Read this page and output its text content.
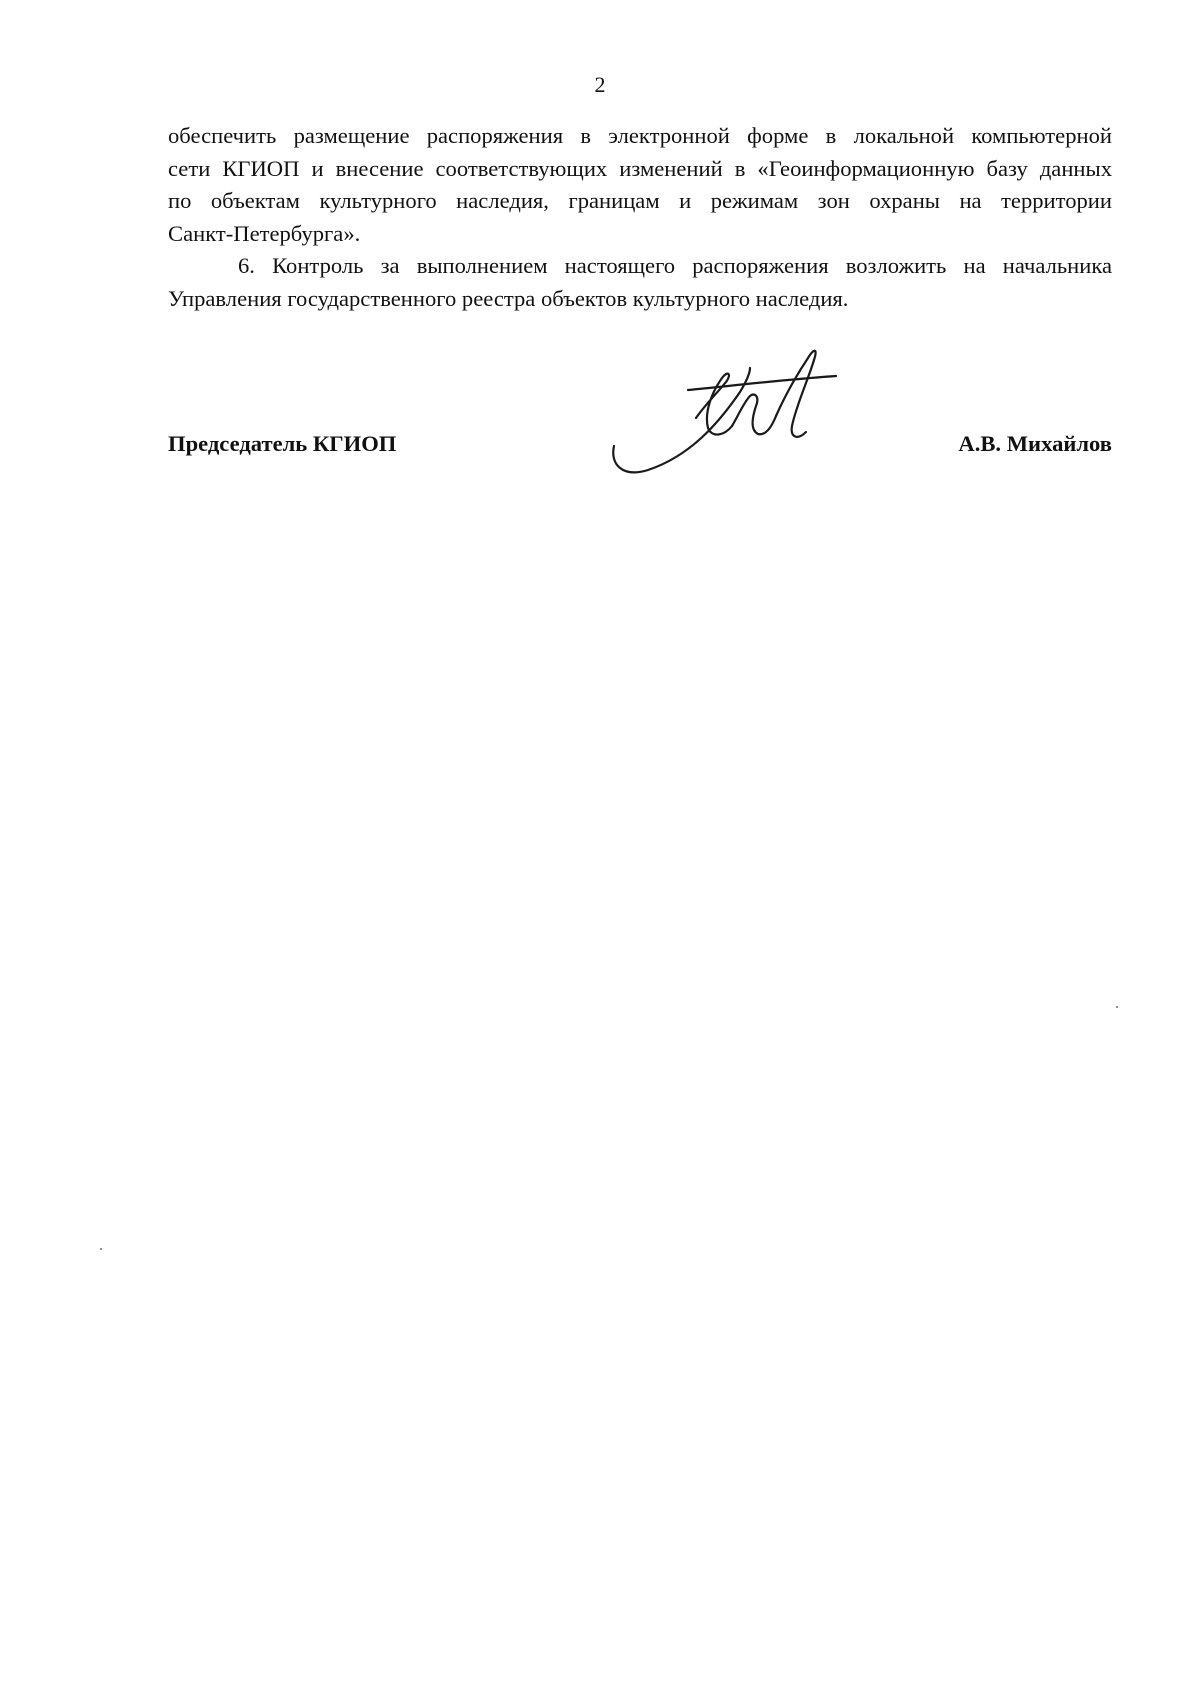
2
обеспечить размещение распоряжения в электронной форме в локальной компьютерной
сети КГИОП и внесение соответствующих изменений в «Геоинформационную базу данных
по объектам культурного наследия, границам и режимам зон охраны на территории
Санкт-Петербурга».
6. Контроль за выполнением настоящего распоряжения возложить на начальника
Управления государственного реестра объектов культурного наследия.
Председатель КГИОП	А.В. Михайлов
